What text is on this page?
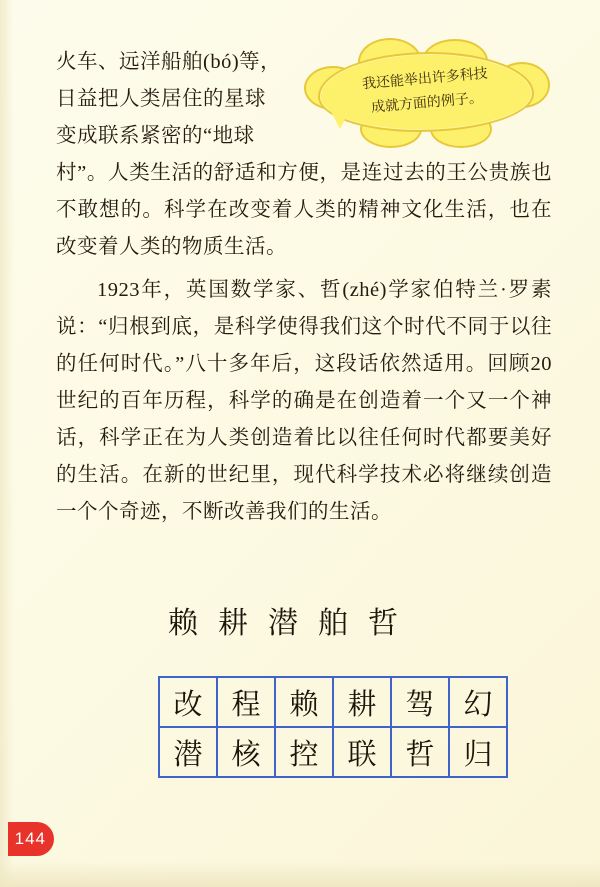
火车、远洋船舶(bó)等，
日益把人类居住的星球
变成联系紧密的“地球
村”。人类生活的舒适和方便，是连过去的王公贵族也不敢想的。科学在改变着人类的精神文化生活，也在改变着人类的物质生活。

1923年，英国数学家、哲(zhé)学家伯特兰·罗素说：“归根到底，是科学使得我们这个时代不同于以往的任何时代。”八十多年后，这段话依然适用。回顾20世纪的百年历程，科学的确是在创造着一个又一个神话，科学正在为人类创造着比以往任何时代都要美好的生活。在新的世纪里，现代科学技术必将继续创造一个个奇迹，不断改善我们的生活。

我还能举出许多科技
成就方面的例子。
赖 耕 潜 舶 哲
改	程	赖	耕	驾	幻
潜	核	控	联	哲	归
144
